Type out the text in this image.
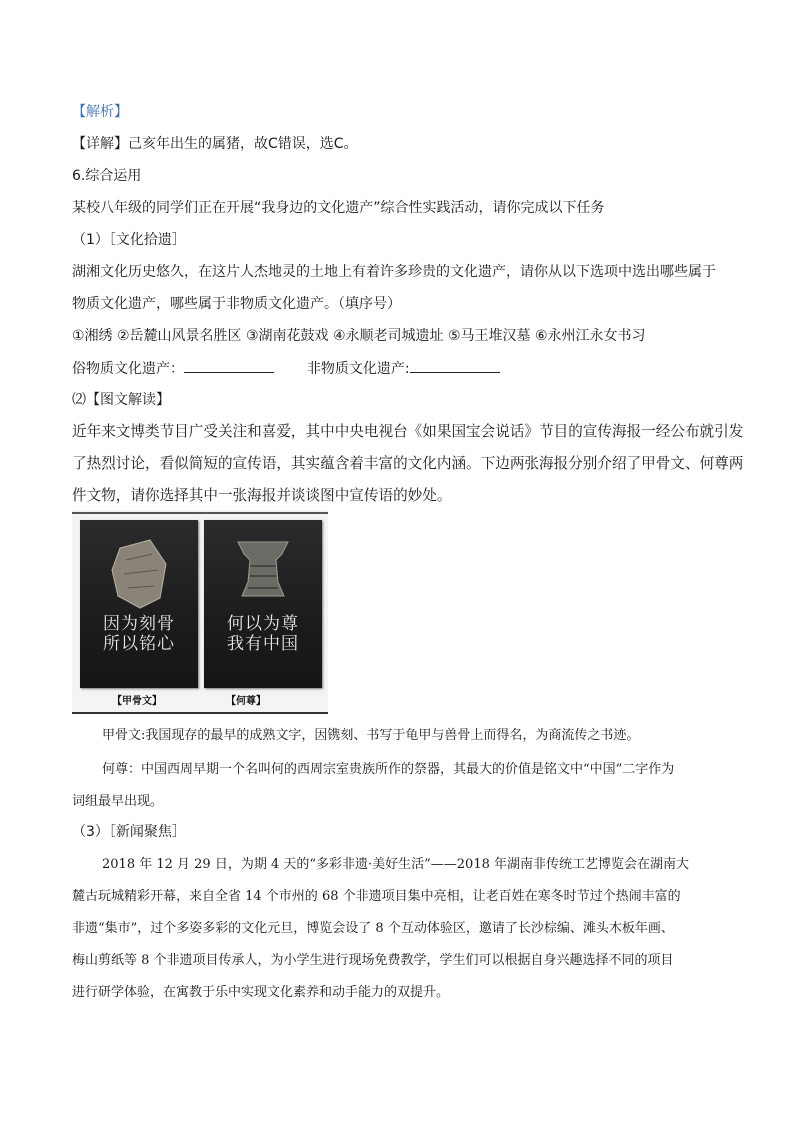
【解析】
【详解】己亥年出生的属猪，故C错误，选C。
6.综合运用
某校八年级的同学们正在开展“我身边的文化遗产”综合性实践活动，请你完成以下任务
（1）［文化拾遗］
湖湘文化历史悠久，在这片人杰地灵的土地上有着许多珍贵的文化遗产，请你从以下选项中选出哪些属于
物质文化遗产，哪些属于非物质文化遗产。（填序号）
①湘绣 ②岳麓山风景名胜区 ③湖南花鼓戏 ④永顺老司城遗址 ⑤马王堆汉墓 ⑥永州江永女书习
俗物质文化遗产：	非物质文化遗产:
⑵【图文解读】
近年来文博类节目广受关注和喜爱，其中中央电视台《如果国宝会说话》节目的宣传海报一经公布就引发
了热烈讨论，看似简短的宣传语，其实蕴含着丰富的文化内涵。下边两张海报分别介绍了甲骨文、何尊两
件文物，请你选择其中一张海报并谈谈图中宣传语的妙处。
因为刻骨
所以铭心
何以为尊
我有中国
【甲骨文】	【何尊】
甲骨文:我国现存的最早的成熟文字，因镌刻、书写于龟甲与兽骨上而得名，为商流传之书迹。
何尊：中国西周早期一个名叫何的西周宗室贵族所作的祭器，其最大的价值是铭文中“中国”二字作为
词组最早出现。
（3）［新闻聚焦］
2018 年 12 月 29 日，为期 4 天的“多彩非遗·美好生活”——2018 年湖南非传统工艺博览会在湖南大
麓古玩城精彩开幕，来自全省 14 个市州的 68 个非遗项目集中亮相，让老百姓在寒冬时节过个热闹丰富的
非遗“集市”，过个多姿多彩的文化元旦，博览会设了 8 个互动体验区，邀请了长沙棕编、滩头木板年画、
梅山剪纸等 8 个非遗项目传承人，为小学生进行现场免费教学，学生们可以根据自身兴趣选择不同的项目
进行研学体验，在寓教于乐中实现文化素养和动手能力的双提升。
